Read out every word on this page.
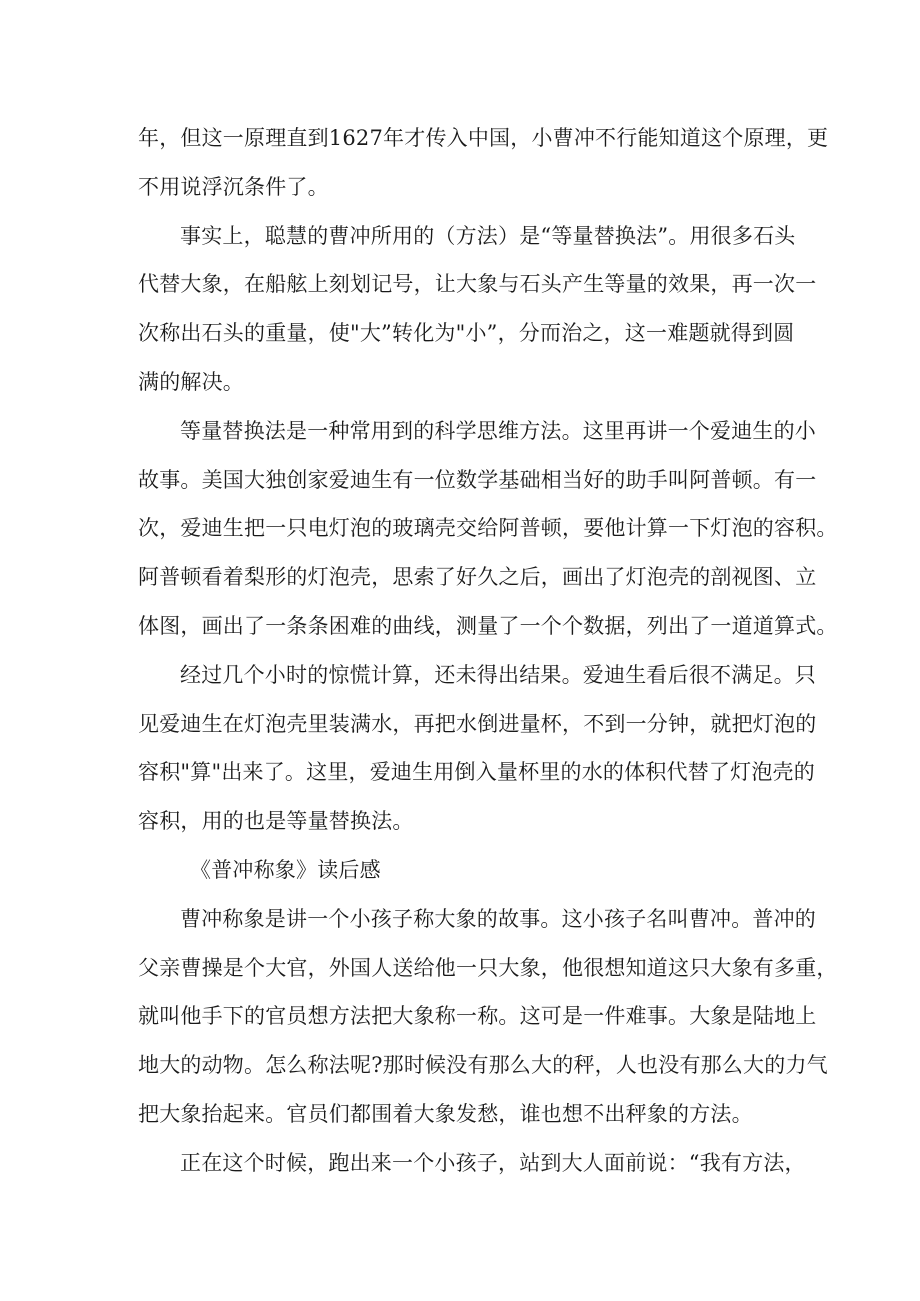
年，但这一原理直到1627年才传入中国，小曹冲不行能知道这个原理，更
不用说浮沉条件了。

事实上，聪慧的曹冲所用的（方法）是“等量替换法”。用很多石头
代替大象，在船舷上刻划记号，让大象与石头产生等量的效果，再一次一
次称出石头的重量，使"大”转化为"小”，分而治之，这一难题就得到圆
满的解决。

等量替换法是一种常用到的科学思维方法。这里再讲一个爱迪生的小
故事。美国大独创家爱迪生有一位数学基础相当好的助手叫阿普顿。有一
次，爱迪生把一只电灯泡的玻璃壳交给阿普顿，要他计算一下灯泡的容积。
阿普顿看着梨形的灯泡壳，思索了好久之后，画出了灯泡壳的剖视图、立
体图，画出了一条条困难的曲线，测量了一个个数据，列出了一道道算式。

经过几个小时的惊慌计算，还未得出结果。爱迪生看后很不满足。只
见爱迪生在灯泡壳里装满水，再把水倒进量杯，不到一分钟，就把灯泡的
容积"算"出来了。这里，爱迪生用倒入量杯里的水的体积代替了灯泡壳的
容积，用的也是等量替换法。

《普冲称象》读后感

曹冲称象是讲一个小孩子称大象的故事。这小孩子名叫曹冲。普冲的
父亲曹操是个大官，外国人送给他一只大象，他很想知道这只大象有多重，
就叫他手下的官员想方法把大象称一称。这可是一件难事。大象是陆地上
地大的动物。怎么称法呢?那时候没有那么大的秤，人也没有那么大的力气
把大象抬起来。官员们都围着大象发愁，谁也想不出秤象的方法。

正在这个时候，跑出来一个小孩子，站到大人面前说：“我有方法，
